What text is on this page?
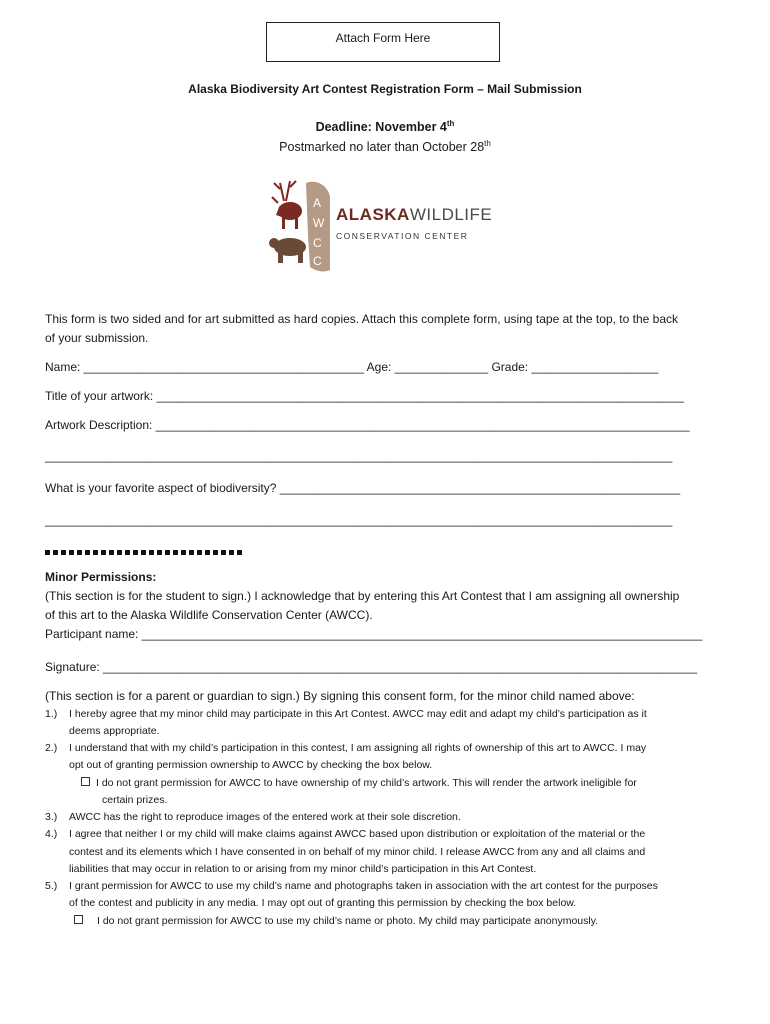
Attach Form Here
Alaska Biodiversity Art Contest Registration Form – Mail Submission
Deadline: November 4th
Postmarked no later than October 28th
A
W
C
C
ALASKAWILDLIFE
CONSERVATION CENTER
This form is two sided and for art submitted as hard copies. Attach this complete form, using tape at the top, to the back
of your submission.
Name: __________________________________________ Age: ______________ Grade: ___________________
Title of your artwork: _______________________________________________________________________________
Artwork Description: ________________________________________________________________________________
______________________________________________________________________________________________
What is your favorite aspect of biodiversity? ____________________________________________________________
______________________________________________________________________________________________
Minor Permissions:
(This section is for the student to sign.) I acknowledge that by entering this Art Contest that I am assigning all ownership
of this art to the Alaska Wildlife Conservation Center (AWCC).
Participant name: ____________________________________________________________________________________
Signature: _________________________________________________________________________________________
(This section is for a parent or guardian to sign.) By signing this consent form, for the minor child named above:
1.) I hereby agree that my minor child may participate in this Art Contest. AWCC may edit and adapt my child’s participation as it
deems appropriate.
2.) I understand that with my child’s participation in this contest, I am assigning all rights of ownership of this art to AWCC. I may
opt out of granting permission ownership to AWCC by checking the box below.
I do not grant permission for AWCC to have ownership of my child’s artwork. This will render the artwork ineligible for
certain prizes.
3.) AWCC has the right to reproduce images of the entered work at their sole discretion.
4.) I agree that neither I or my child will make claims against AWCC based upon distribution or exploitation of the material or the
contest and its elements which I have consented in on behalf of my minor child. I release AWCC from any and all claims and
liabilities that may occur in relation to or arising from my minor child’s participation in this Art Contest.
5.) I grant permission for AWCC to use my child’s name and photographs taken in association with the art contest for the purposes
of the contest and publicity in any media. I may opt out of granting this permission by checking the box below.
I do not grant permission for AWCC to use my child’s name or photo. My child may participate anonymously.
